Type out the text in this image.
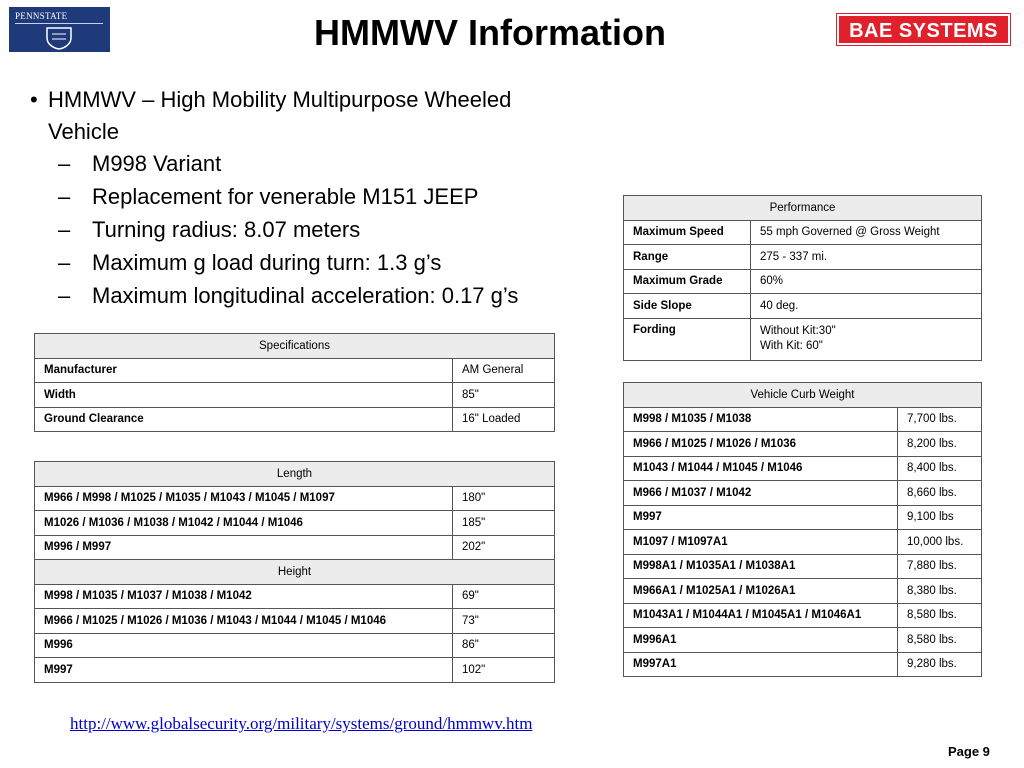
PENNSTATE	HMMWV Information	BAE SYSTEMS
• HMMWV – High Mobility Multipurpose Wheeled Vehicle
– M998 Variant
– Replacement for venerable M151 JEEP
– Turning radius: 8.07 meters
– Maximum g load during turn: 1.3 g’s
– Maximum longitudinal acceleration: 0.17 g’s
Specifications	
Manufacturer	AM General
Width	85"
Ground Clearance	16" Loaded
Length	
M966 / M998 / M1025 / M1035 / M1043 / M1045 / M1097	180"
M1026 / M1036 / M1038 / M1042 / M1044 / M1046	185"
M996 / M997	202"
Height	
M998 / M1035 / M1037 / M1038 / M1042	69"
M966 / M1025 / M1026 / M1036 / M1043 / M1044 / M1045 / M1046	73"
M996	86"
M997	102"
Performance	
Maximum Speed	55 mph Governed @ Gross Weight
Range	275 - 337 mi.
Maximum Grade	60%
Side Slope	40 deg.
Fording	Without Kit:30"
With Kit: 60"
Vehicle Curb Weight	
M998 / M1035 / M1038	7,700 lbs.
M966 / M1025 / M1026 / M1036	8,200 lbs.
M1043 / M1044 / M1045 / M1046	8,400 lbs.
M966 / M1037 / M1042	8,660 lbs.
M997	9,100 lbs
M1097 / M1097A1	10,000 lbs.
M998A1 / M1035A1 / M1038A1	7,880 lbs.
M966A1 / M1025A1 / M1026A1	8,380 lbs.
M1043A1 / M1044A1 / M1045A1 / M1046A1	8,580 lbs.
M996A1	8,580 lbs.
M997A1	9,280 lbs.
http://www.globalsecurity.org/military/systems/ground/hmmwv.htm
Page 9
